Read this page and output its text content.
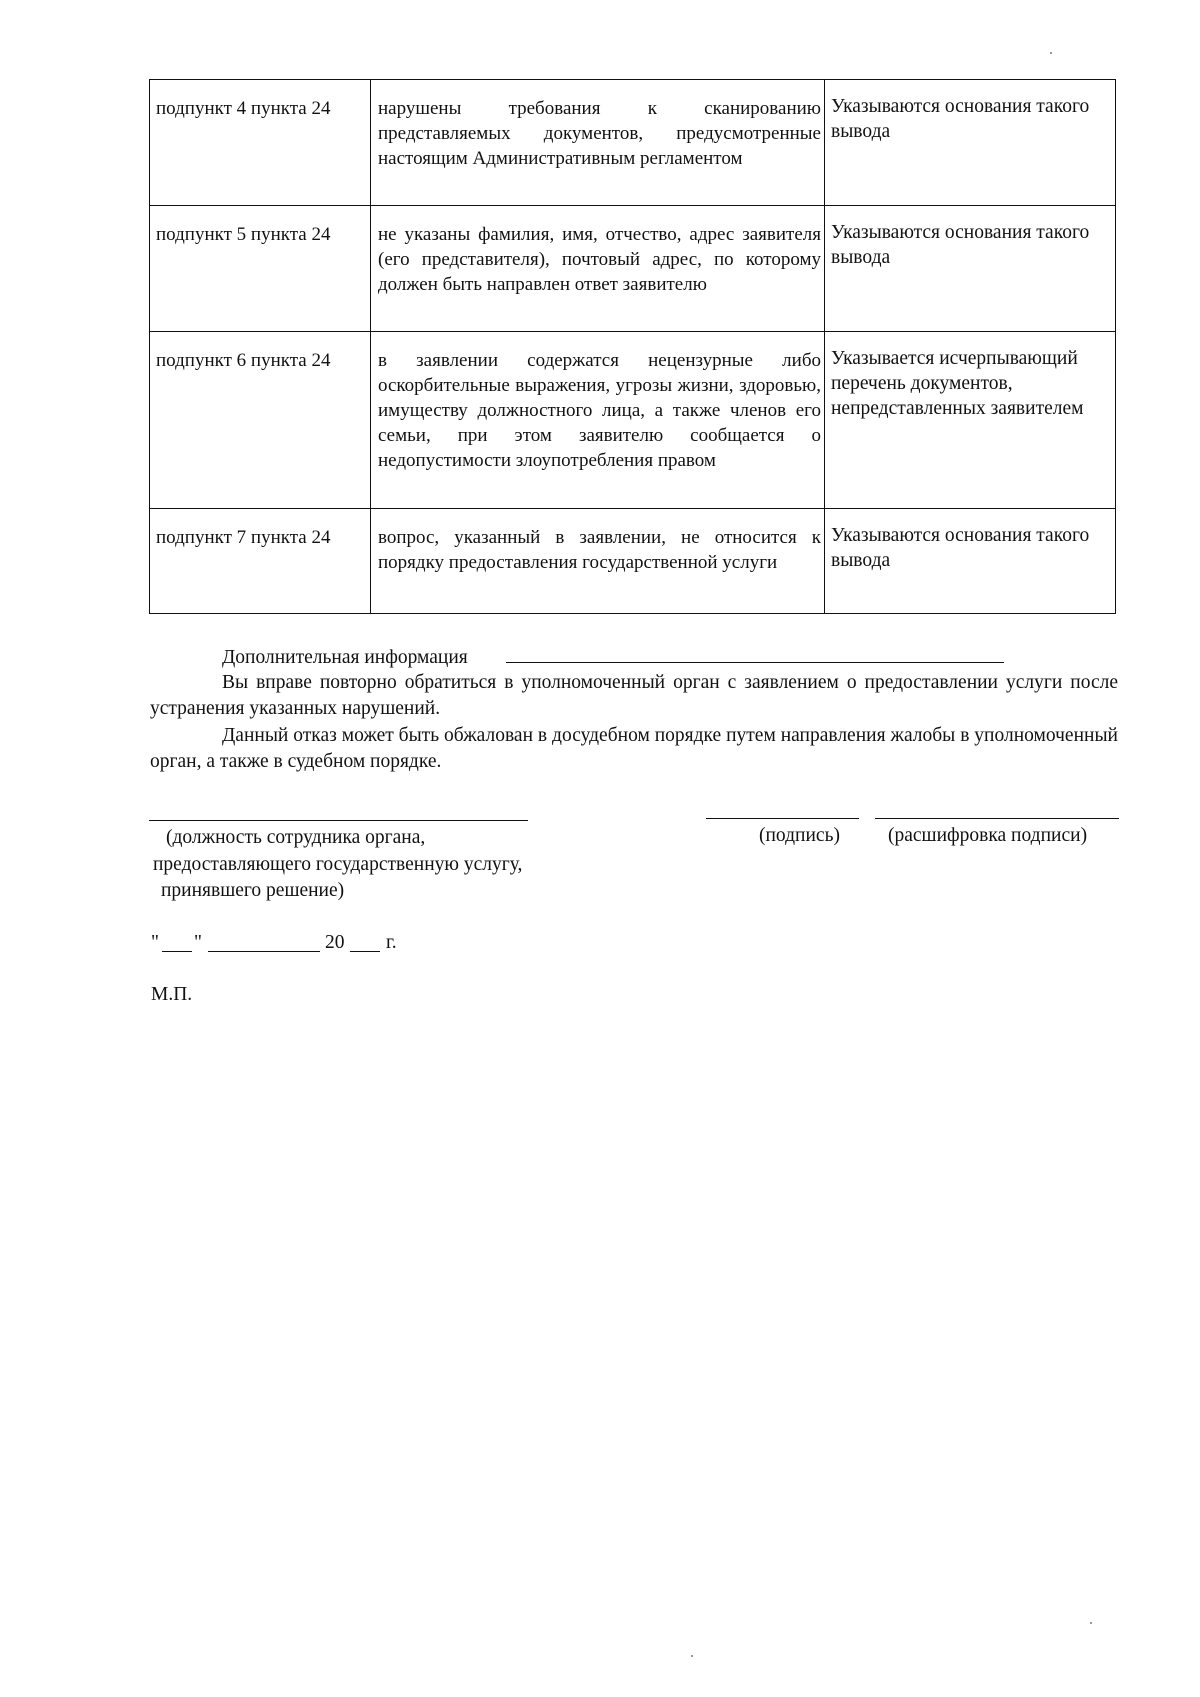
подпункт 4 пункта 24	нарушены требования к сканированию представляемых документов, предусмотренные настоящим Административным регламентом	Указываются основания такого вывода
подпункт 5 пункта 24	не указаны фамилия, имя, отчество, адрес заявителя (его представителя), почтовый адрес, по которому должен быть направлен ответ заявителю	Указываются основания такого вывода
подпункт 6 пункта 24	в заявлении содержатся нецензурные либо оскорбительные выражения, угрозы жизни, здоровью, имуществу должностного лица, а также членов его семьи, при этом заявителю сообщается о недопустимости злоупотребления правом	Указывается исчерпывающий перечень документов, непредставленных заявителем
подпункт 7 пункта 24	вопрос, указанный в заявлении, не относится к порядку предоставления государственной услуги	Указываются основания такого вывода
Дополнительная информация
Вы вправе повторно обратиться в уполномоченный орган с заявлением о предоставлении услуги после устранения указанных нарушений.
Данный отказ может быть обжалован в досудебном порядке путем направления жалобы в уполномоченный орган, а также в судебном порядке.
(должность сотрудника органа,
предоставляющего государственную услугу,
принявшего решение)
(подпись) (расшифровка подписи)
" "	20 г.
М.П.
